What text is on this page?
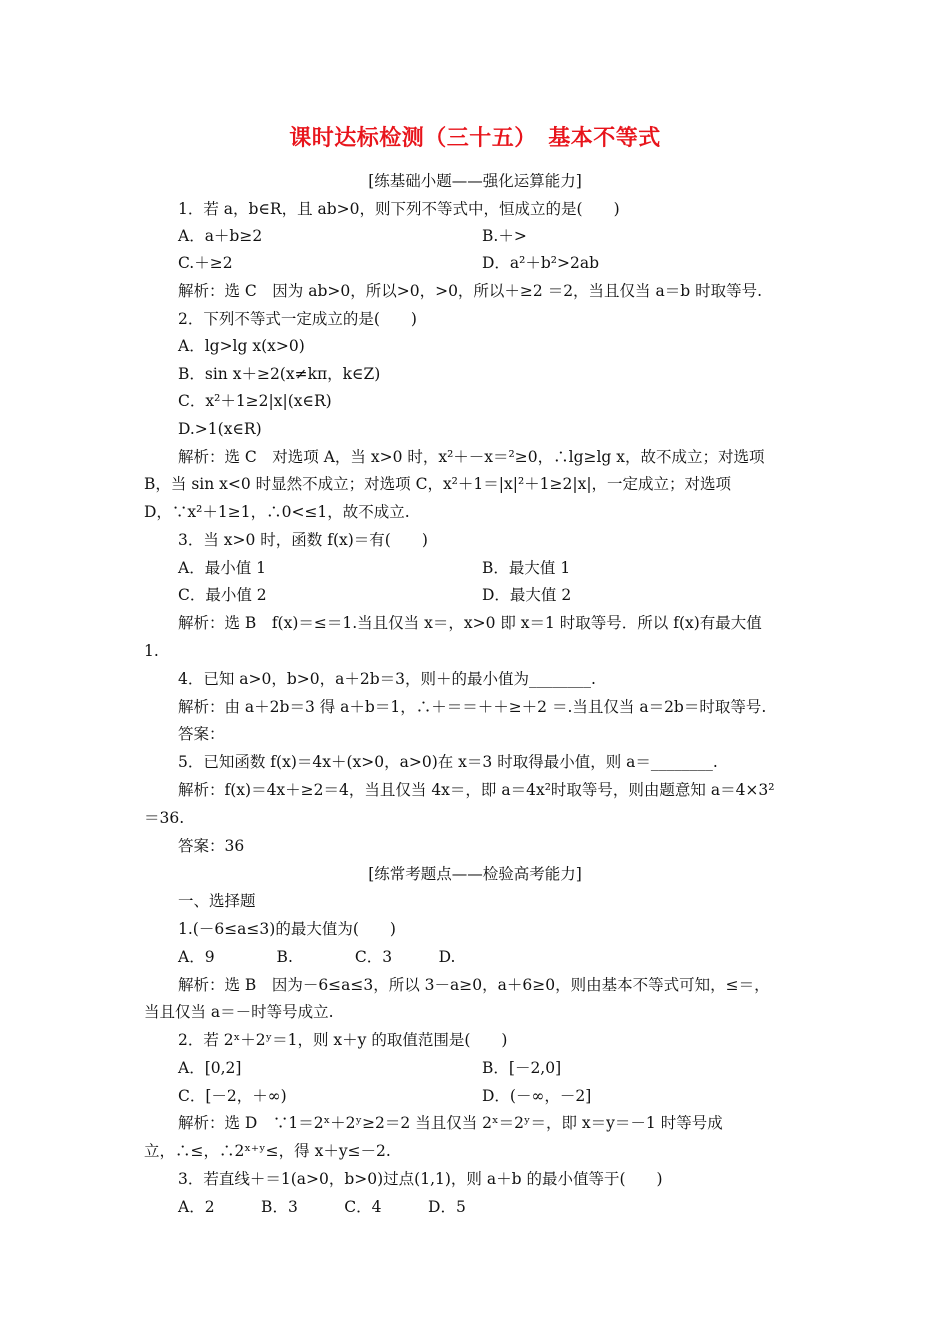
课时达标检测（三十五）　基本不等式
[练基础小题——强化运算能力]
[练常考题点——检验高考能力]
1．若 a，b∈R，且 ab>0，则下列不等式中，恒成立的是(　　)
A．a＋b≥2	B.＋>
C.＋≥2	D．a²＋b²>2ab
解析：选 C　因为 ab>0，所以>0，>0，所以＋≥2 ＝2，当且仅当 a＝b 时取等号.
2．下列不等式一定成立的是(　　)
A．lg>lg x(x>0)
B．sin x＋≥2(x≠kπ，k∈Z)
C．x²＋1≥2|x|(x∈R)
D.>1(x∈R)
解析：选 C　对选项 A，当 x>0 时，x²＋－x＝²≥0，∴lg≥lg x，故不成立；对选项
B，当 sin x<0 时显然不成立；对选项 C，x²＋1＝|x|²＋1≥2|x|，一定成立；对选项
D，∵x²＋1≥1，∴0<≤1，故不成立.
3．当 x>0 时，函数 f(x)＝有(　　)
A．最小值 1	B．最大值 1
C．最小值 2	D．最大值 2
解析：选 B　f(x)＝≤＝1.当且仅当 x＝，x>0 即 x＝1 时取等号．所以 f(x)有最大值
1.
4．已知 a>0，b>0，a＋2b＝3，则＋的最小值为________.
解析：由 a＋2b＝3 得 a＋b＝1，∴＋＝＝＋＋≥＋2 ＝.当且仅当 a＝2b＝时取等号.
答案：
5．已知函数 f(x)＝4x＋(x>0，a>0)在 x＝3 时取得最小值，则 a＝________.
解析：f(x)＝4x＋≥2＝4，当且仅当 4x＝，即 a＝4x²时取等号，则由题意知 a＝4×3²
＝36.
答案：36
一、选择题
1.(－6≤a≤3)的最大值为(　　)
A．9　　　　B.　　　　C．3　　　D.
解析：选 B　因为－6≤a≤3，所以 3－a≥0，a＋6≥0，则由基本不等式可知，≤＝，
当且仅当 a＝－时等号成立.
2．若 2ˣ＋2ʸ＝1，则 x＋y 的取值范围是(　　)
A．[0,2]	B．[－2,0]
C．[－2，＋∞)	D．(－∞，－2]
解析：选 D　∵1＝2ˣ＋2ʸ≥2＝2 当且仅当 2ˣ＝2ʸ＝，即 x＝y＝－1 时等号成
立，∴≤，∴2ˣ⁺ʸ≤，得 x＋y≤－2.
3．若直线＋＝1(a>0，b>0)过点(1,1)，则 a＋b 的最小值等于(　　)
A．2　　　B．3　　　C．4　　　D．5
